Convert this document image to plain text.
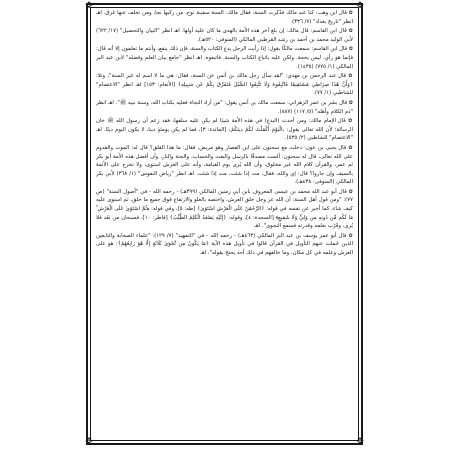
✥	✥
✥	✥

✿ قال ابن وهب: كنا عند مالك فذُكِرت السنة، فقال مالك: السنة سفينة نوح، من ركبها نجا، ومن تخلف عنها غرق. اهـ انظر "تاريخ بغداد" (٧/ ٣٣٦).

✿ قال ابن القاسم: قال مالك: إن بلغ آخر هذه الأمة بالهدى ما كان عليه أولها. اهـ انظر "البيان والتحصيل" (١٧/ ٦٢٢) لأبي الوليد محمد بن أحمد بن رشد القرطبي المالكي (المتوفى: ٥٢٠هـ).

✿ قال ابن القاسم: سمعت مالكًا يقول: إذا رأيت الرجل يدع الكتاب والسنة، فإن ذلك ينفع، وأنتم ما تعلمون إلا أنه قال: فإنما هو رأي، ليس بحجة. ولكن عليه باتباع الكتاب والسنة. فاتبعوه. اهـ انظر "جامع بيان العلم وفضله" لابن عبد البر المالكي (١/ ٧٧٥) (١٤٣٥).

✿ قال عبد الرحمن بن مهدي: "لقد سأل رجل مالك بن أنس عن السنة، فقال: هي ما لا اسم له غير السنة"، وتلا: ﴿وَأَنَّ هَٰذَا صِرَاطِي مُسْتَقِيمًا فَاتَّبِعُوهُ وَلَا تَتَّبِعُوا السُّبُلَ فَتَفَرَّقَ بِكُمْ عَن سَبِيلِهِ﴾ [الأنعام: ١٥٣] اهـ انظر "الاعتصام" للشاطبي (١/ ٧٧).

✿ قال بشر بن عمر الزهراني: سمعت مالك بن أنس يقول: "من أراد النجاة فعليه بكتاب الله، وسنة نبيه ﷺ". اهـ انظر "ذم الكلام وأهله" (٥/ ١١٧) (٨٨٧).

✿ قال الإمام مالك: ومن أحدث (البدع) في هذه الأمة شيئا لم يكن عليه سلفها، فقد زعم أن رسول الله ﷺ خان الرسالة؛ لأن الله تعالى يقول: ﴿الْيَوْمَ أَكْمَلْتُ لَكُمْ دِينَكُمْ﴾ [المائدة: ٣]، فما لم يكن يومئذٍ دينا، لا يكون اليوم دينًا. اهـ "الاعتصام" للشاطبي (٢/ ٥٣٥).

✿ قال يحيى بن عون: دخلت مع سحنون على ابن القصار وهو مريض، فقال: ما هذا القلق؟ قال له: الموت والقدوم على الله تعالى، قال له سحنون: ألست مصدقًا بالرسل والبعث والحساب، والجنة والنار، وأن أفضل هذه الأمة أبو بكر ثم عمر، والقرآن كلام الله غير مخلوق، وأن الله يُرى يوم القيامة، وأنه على العرش استوى، ولا تخرج على الأئمة بالسيف وإن جاروا؟ قال: إي والله، فقال: مت إذا شئت، مت إذا شئت. اهـ انظر "رياض النفوس" (١/ ٣٦٨) لأبي بكر المالكي (المتوفى: ٤٣٨هـ).

✿ قال أبو عبد الله محمد بن عيسى المعروف بابن أبي زمنين المالكي (٣٩٩هـ) - رحمه الله - في "أصول السنة" (ص ٧٧): "ومن قول أهل السنة: أن الله عز وجل خلق العرش، واختصه بالعلو والارتفاع فوق جميع ما خلق، ثم استوى عليه كيف شاء، كما أخبر عن نفسه في قوله: ﴿الرَّحْمَٰنُ عَلَى الْعَرْشِ اسْتَوَىٰ﴾ [طه: ٥]، وفي قوله: ﴿ثُمَّ اسْتَوَىٰ عَلَى الْعَرْشِ ۚ مَا لَكُم مِّن دُونِهِ مِن وَلِيٍّ وَلَا شَفِيعٍ﴾ [السجدة: ٤]، وقوله: ﴿إِلَيْهِ يَصْعَدُ الْكَلِمُ الطَّيِّبُ﴾ [فاطر: ١٠]، فسبحان من بَعُد فلا يُرى، وقَرُب بعلمه وقدرته فسمع النجوى". اهـ

✿ قال أبو عمر يوسف بن عبد البر المالكي (٤٦٣هـ) - رحمه الله - في "التمهيد" (٧/ ١٢٩): "علماء الصحابة والتابعين الذين حُملت عنهم التأويل في القرآن قالوا في تأويل هذه الآية ﴿مَا يَكُونُ مِن نَّجْوَىٰ ثَلَاثَةٍ إِلَّا هُوَ رَابِعُهُمْ﴾: هو على العرش وعلمه في كل مكان، وما خالفهم في ذلك أحد يحتج بقوله". اهـ
